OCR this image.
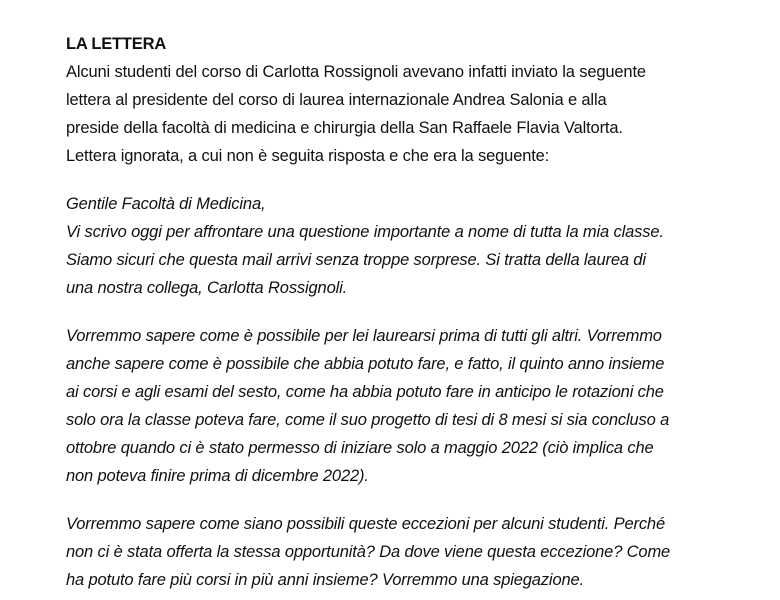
LA LETTERA

Alcuni studenti del corso di Carlotta Rossignoli avevano infatti inviato la seguente
lettera al presidente del corso di laurea internazionale Andrea Salonia e alla
preside della facoltà di medicina e chirurgia della San Raffaele Flavia Valtorta.
Lettera ignorata, a cui non è seguita risposta e che era la seguente:

Gentile Facoltà di Medicina,
Vi scrivo oggi per affrontare una questione importante a nome di tutta la mia classe.
Siamo sicuri che questa mail arrivi senza troppe sorprese. Si tratta della laurea di
una nostra collega, Carlotta Rossignoli.

Vorremmo sapere come è possibile per lei laurearsi prima di tutti gli altri. Vorremmo
anche sapere come è possibile che abbia potuto fare, e fatto, il quinto anno insieme
ai corsi e agli esami del sesto, come ha abbia potuto fare in anticipo le rotazioni che
solo ora la classe poteva fare, come il suo progetto di tesi di 8 mesi si sia concluso a
ottobre quando ci è stato permesso di iniziare solo a maggio 2022 (ciò implica che
non poteva finire prima di dicembre 2022).

Vorremmo sapere come siano possibili queste eccezioni per alcuni studenti. Perché
non ci è stata offerta la stessa opportunità? Da dove viene questa eccezione? Come
ha potuto fare più corsi in più anni insieme? Vorremmo una spiegazione.
